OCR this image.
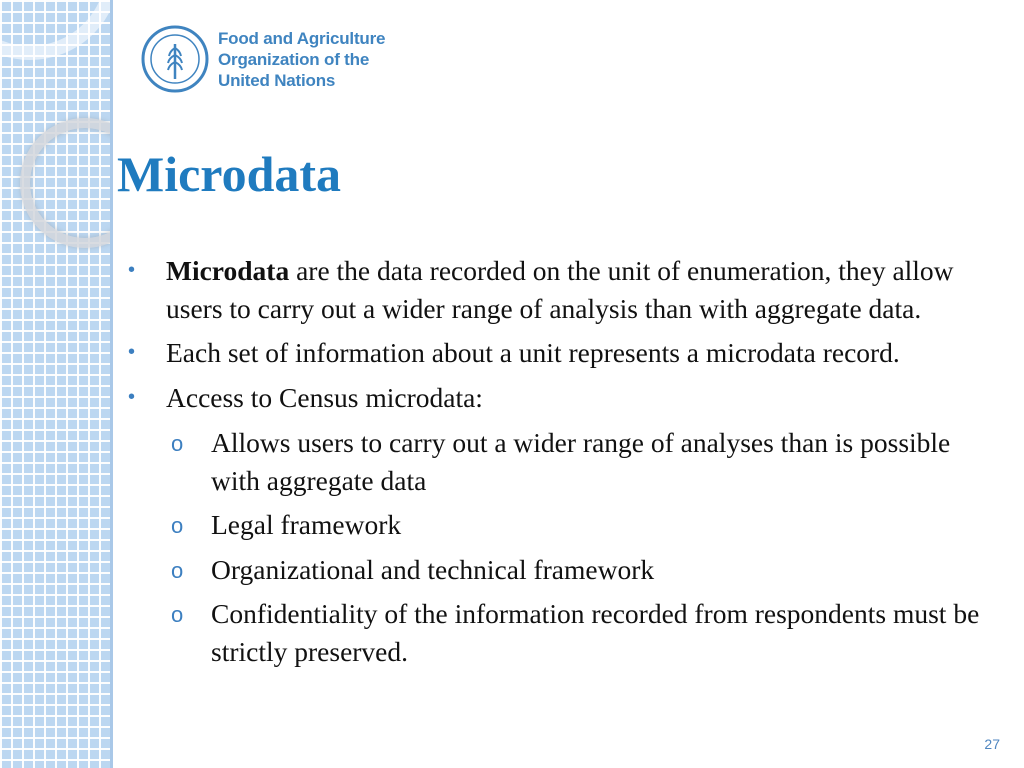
Food and Agriculture
Organization of the
United Nations
Microdata
• Microdata are the data recorded on the unit of enumeration, they allow users to carry out a wider range of analysis than with aggregate data.
• Each set of information about a unit represents a microdata record.
• Access to Census microdata:
o Allows users to carry out a wider range of analyses than is possible with aggregate data
o Legal framework
o Organizational and technical framework
o Confidentiality of the information recorded from respondents must be strictly preserved.
27
